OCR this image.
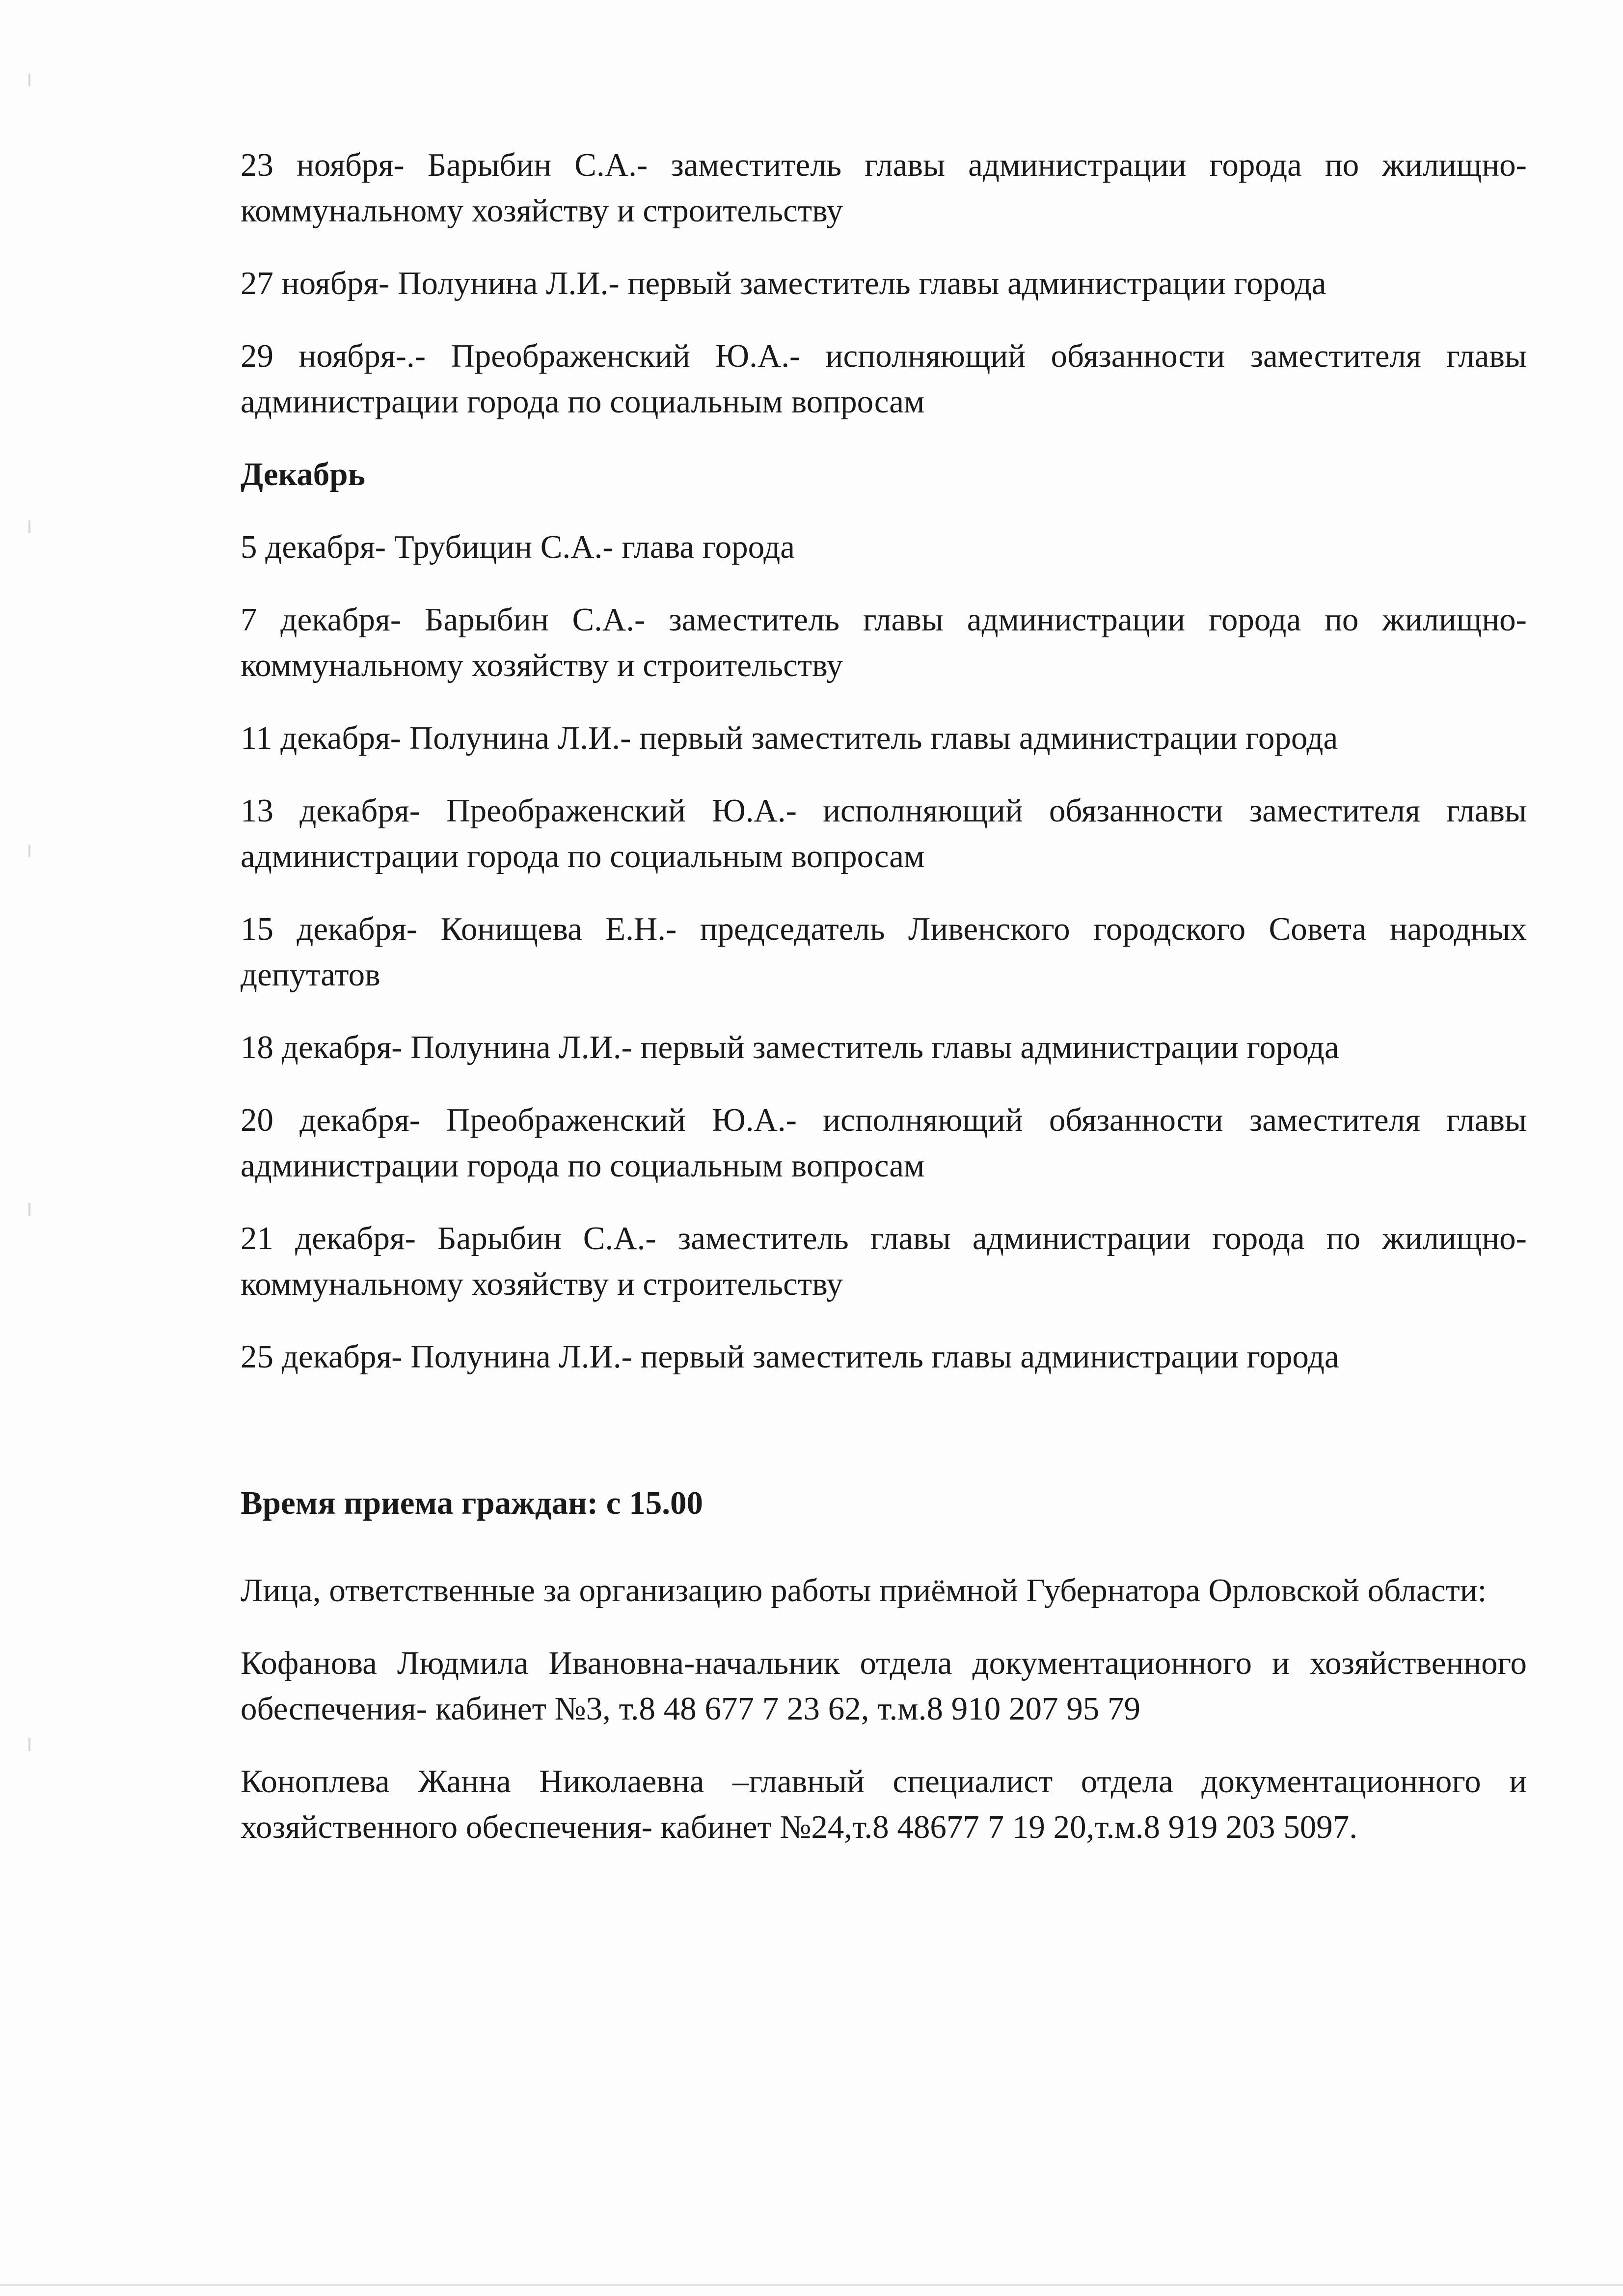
23 ноября- Барыбин С.А.- заместитель главы администрации города по жилищно-коммунальному хозяйству и строительству

27 ноября- Полунина Л.И.- первый заместитель главы администрации города

29 ноября-.- Преображенский Ю.А.- исполняющий обязанности заместителя главы администрации города по социальным вопросам

Декабрь

5 декабря- Трубицин С.А.- глава города

7 декабря- Барыбин С.А.- заместитель главы администрации города по жилищно-коммунальному хозяйству и строительству

11 декабря- Полунина Л.И.- первый заместитель главы администрации города

13 декабря- Преображенский Ю.А.- исполняющий обязанности заместителя главы администрации города по социальным вопросам

15 декабря- Конищева Е.Н.- председатель Ливенского городского Совета народных депутатов

18 декабря- Полунина Л.И.- первый заместитель главы администрации города

20 декабря- Преображенский Ю.А.- исполняющий обязанности заместителя главы администрации города по социальным вопросам

21 декабря- Барыбин С.А.- заместитель главы администрации города по жилищно-коммунальному хозяйству и строительству

25 декабря- Полунина Л.И.- первый заместитель главы администрации города

Время приема граждан: с 15.00

Лица, ответственные за организацию работы приёмной Губернатора Орловской области:

Кофанова Людмила Ивановна-начальник отдела документационного и хозяйственного обеспечения- кабинет №3, т.8 48 677 7 23 62, т.м.8 910 207 95 79

Коноплева Жанна Николаевна –главный специалист отдела документационного и хозяйственного обеспечения- кабинет №24,т.8 48677 7 19 20,т.м.8 919 203 5097.
